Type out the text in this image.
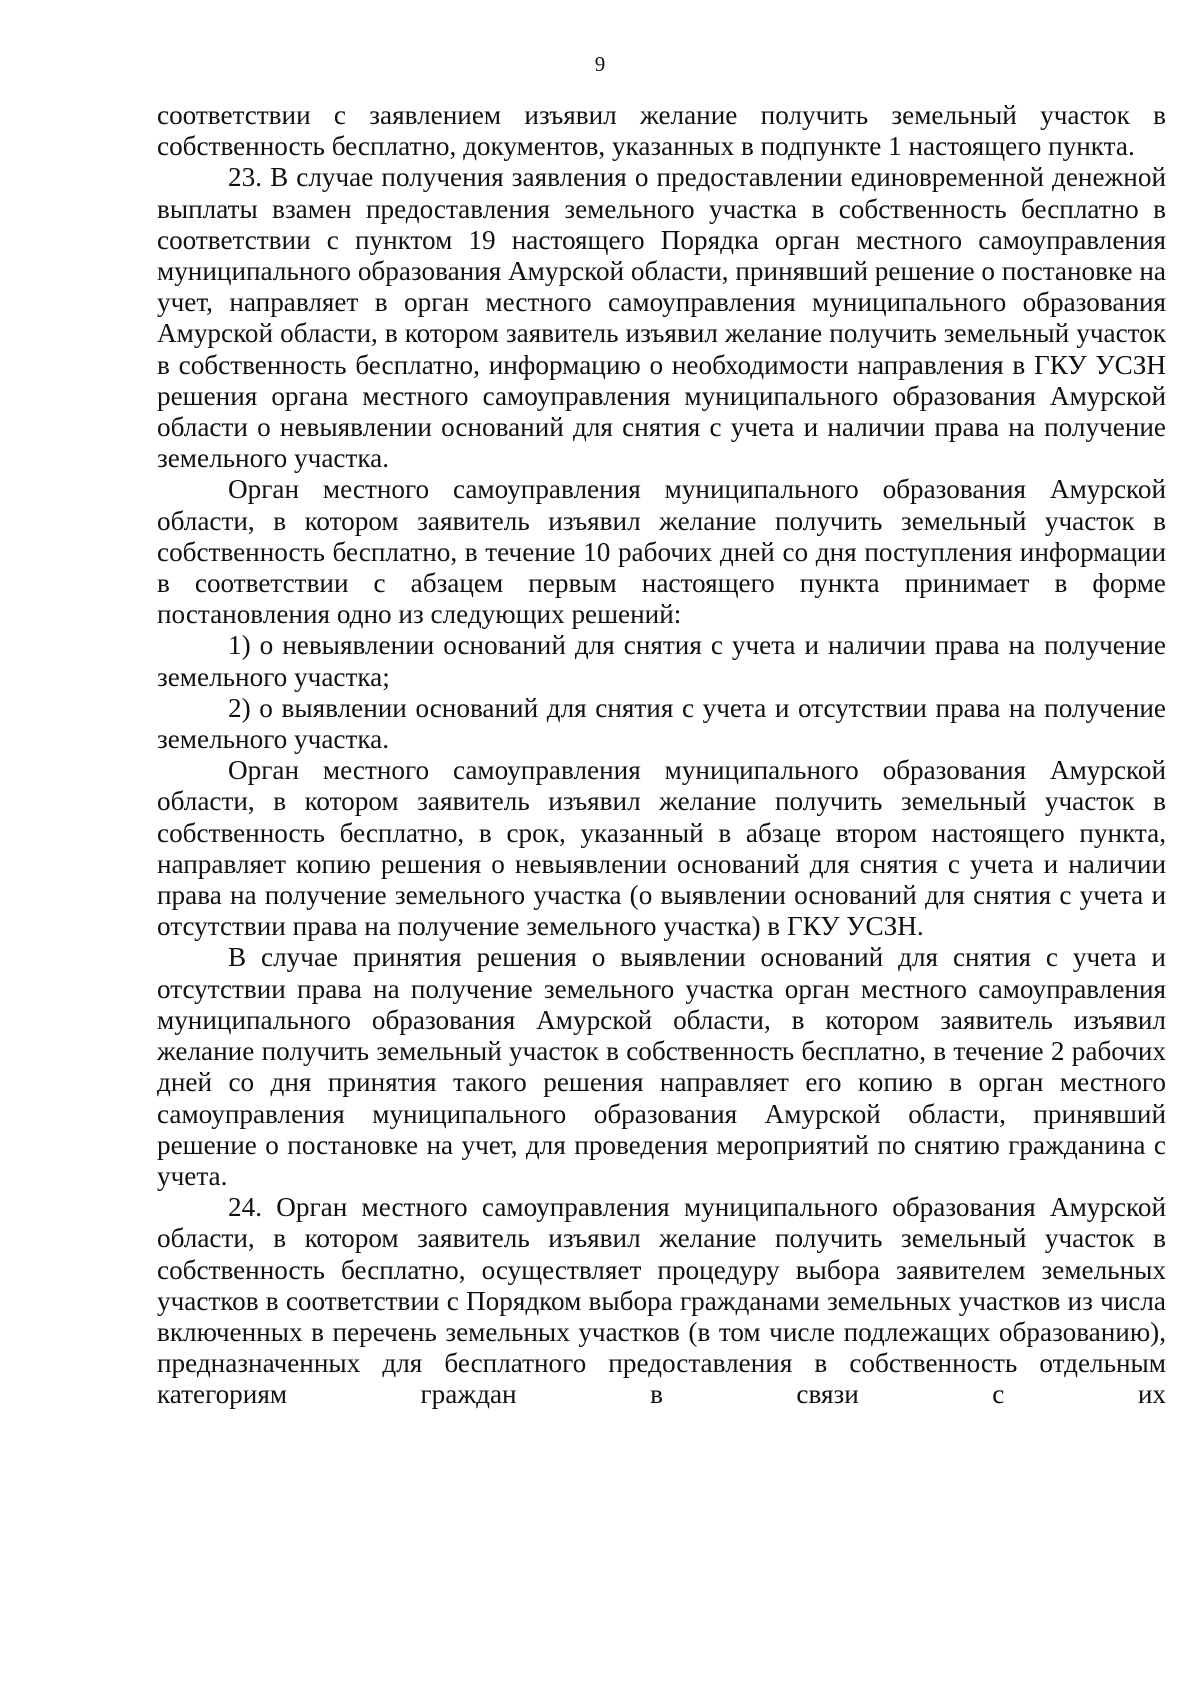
9

соответствии с заявлением изъявил желание получить земельный участок в собственность бесплатно, документов, указанных в подпункте 1 настоящего пункта.

23. В случае получения заявления о предоставлении единовременной денежной выплаты взамен предоставления земельного участка в собственность бесплатно в соответствии с пунктом 19 настоящего Порядка орган местного самоуправления муниципального образования Амурской области, принявший решение о постановке на учет, направляет в орган местного самоуправления муниципального образования Амурской области, в котором заявитель изъявил желание получить земельный участок в собственность бесплатно, информацию о необходимости направления в ГКУ УСЗН решения органа местного самоуправления муниципального образования Амурской области о невыявлении оснований для снятия с учета и наличии права на получение земельного участка.

Орган местного самоуправления муниципального образования Амурской области, в котором заявитель изъявил желание получить земельный участок в собственность бесплатно, в течение 10 рабочих дней со дня поступления информации в соответствии с абзацем первым настоящего пункта принимает в форме постановления одно из следующих решений:

1) о невыявлении оснований для снятия с учета и наличии права на получение земельного участка;

2) о выявлении оснований для снятия с учета и отсутствии права на получение земельного участка.

Орган местного самоуправления муниципального образования Амурской области, в котором заявитель изъявил желание получить земельный участок в собственность бесплатно, в срок, указанный в абзаце втором настоящего пункта, направляет копию решения о невыявлении оснований для снятия с учета и наличии права на получение земельного участка (о выявлении оснований для снятия с учета и отсутствии права на получение земельного участка) в ГКУ УСЗН.

В случае принятия решения о выявлении оснований для снятия с учета и отсутствии права на получение земельного участка орган местного самоуправления муниципального образования Амурской области, в котором заявитель изъявил желание получить земельный участок в собственность бесплатно, в течение 2 рабочих дней со дня принятия такого решения направляет его копию в орган местного самоуправления муниципального образования Амурской области, принявший решение о постановке на учет, для проведения мероприятий по снятию гражданина с учета.

24. Орган местного самоуправления муниципального образования Амурской области, в котором заявитель изъявил желание получить земельный участок в собственность бесплатно, осуществляет процедуру выбора заявителем земельных участков в соответствии с Порядком выбора гражданами земельных участков из числа включенных в перечень земельных участков (в том числе подлежащих образованию), предназначенных для бесплатного предоставления в собственность отдельным категориям граждан в связи с их
